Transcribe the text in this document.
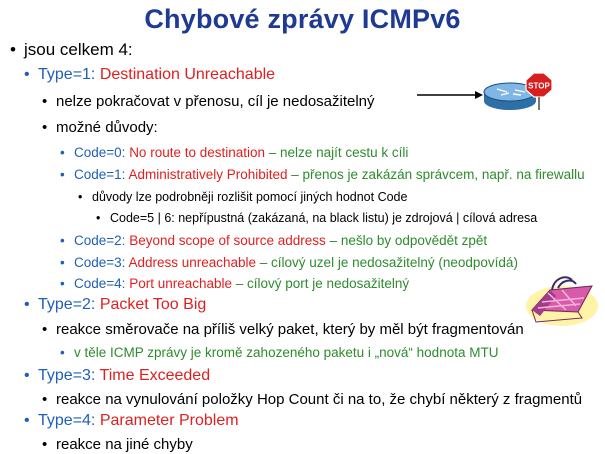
Chybové zprávy ICMPv6
• jsou celkem 4:
• Type=1: Destination Unreachable
• nelze pokračovat v přenosu, cíl je nedosažitelný
• možné důvody:
• Code=0: No route to destination – nelze najít cestu k cíli
• Code=1: Administratively Prohibited – přenos je zakázán správcem, např. na firewallu
• důvody lze podrobněji rozlišit pomocí jiných hodnot Code
• Code=5 | 6: nepřípustná (zakázaná, na black listu) je zdrojová | cílová adresa
• Code=2: Beyond scope of source address – nešlo by odpovědět zpět
• Code=3: Address unreachable – cílový uzel je nedosažitelný (neodpovídá)
• Code=4: Port unreachable – cílový port je nedosažitelný
• Type=2: Packet Too Big
• reakce směrovače na příliš velký paket, který by měl být fragmentován
• v těle ICMP zprávy je kromě zahozeného paketu i „nová“ hodnota MTU
• Type=3: Time Exceeded
• reakce na vynulování položky Hop Count či na to, že chybí některý z fragmentů
• Type=4: Parameter Problem
• reakce na jiné chyby
STOP
